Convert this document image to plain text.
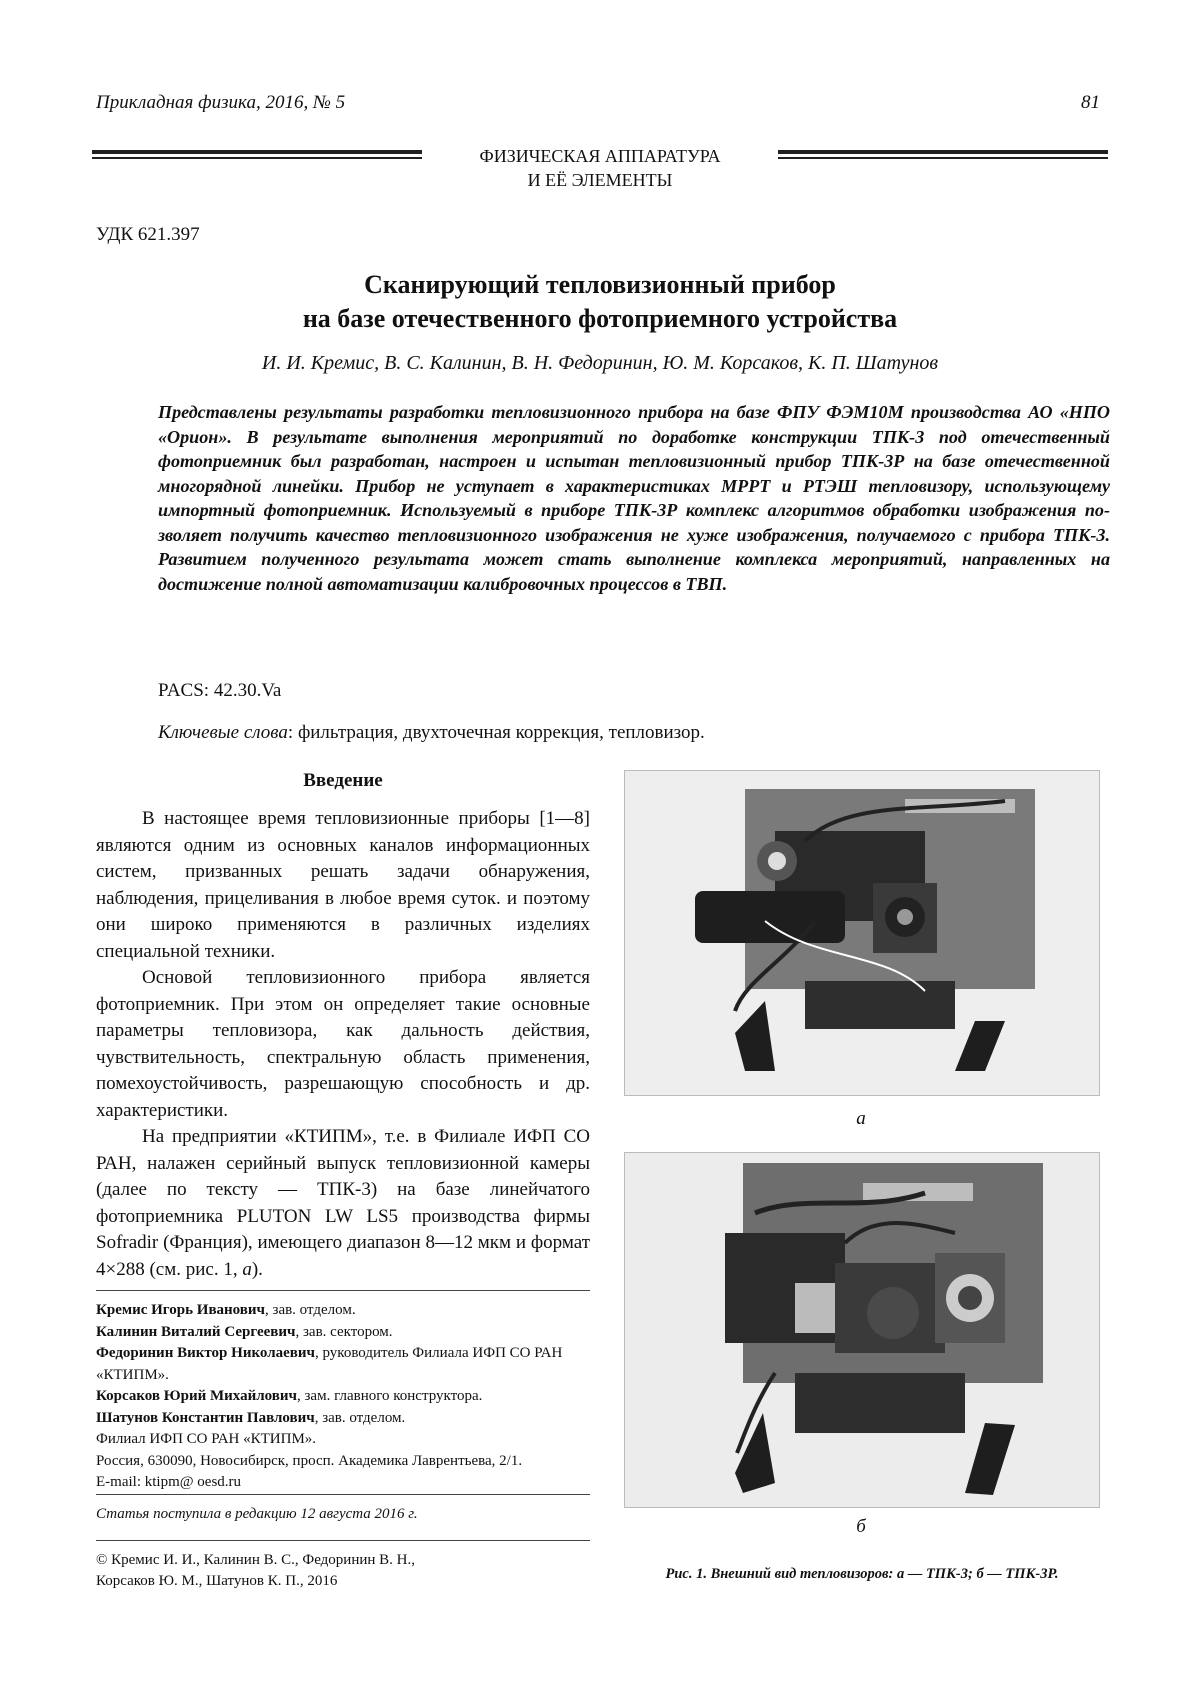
Прикладная физика, 2016, № 5	81
ФИЗИЧЕСКАЯ АППАРАТУРА
И ЕЁ ЭЛЕМЕНТЫ
УДК 621.397
Сканирующий тепловизионный прибор
на базе отечественного фотоприемного устройства
И. И. Кремис, В. С. Калинин, В. Н. Федоринин, Ю. М. Корсаков, К. П. Шатунов
Представлены результаты разработки тепловизионного прибора на базе ФПУ ФЭМ10М производства АО «НПО «Орион». В результате выполнения мероприятий по доработке конструкции ТПК-3 под отечественный фотоприемник был разработан, настроен и испытан тепловизионный прибор ТПК-3Р на базе отечественной многорядной линейки. Прибор не уступает в характеристиках МРРТ и РТЭШ тепловизору, использующему импортный фотоприемник. Используемый в приборе ТПК-3Р комплекс алгоритмов обработки изображения позволяет получить качество тепловизионного изображения не хуже изображения, получаемого с прибора ТПК-3. Развитием полученного результата может стать выполнение комплекса мероприятий, направленных на достижение полной автоматизации калибровочных процессов в ТВП.
PACS: 42.30.Va
Ключевые слова: фильтрация, двухточечная коррекция, тепловизор.
Введение

В настоящее время тепловизионные приборы [1—8] являются одним из основных каналов информационных систем, призванных решать задачи обнаружения, наблюдения, прицеливания в любое время суток. и поэтому они широко применяются в различных изделиях специальной техники.

Основой тепловизионного прибора является фотоприемник. При этом он определяет такие основные параметры тепловизора, как дальность действия, чувствительность, спектральную область применения, помехоустойчивость, разрешающую способность и др. характеристики.

На предприятии «КТИПМ», т.е. в Филиале ИФП СО РАН, налажен серийный выпуск тепловизионной камеры (далее по тексту — ТПК-3) на базе линейчатого фотоприемника PLUTON LW LS5 производства фирмы Sofradir (Франция), имеющего диапазон 8—12 мкм и формат 4×288 (см. рис. 1, а).

Кремис Игорь Иванович, зав. отделом.
Калинин Виталий Сергеевич, зав. сектором.
Федоринин Виктор Николаевич, руководитель Филиала ИФП СО РАН «КТИПМ».
Корсаков Юрий Михайлович, зам. главного конструктора.
Шатунов Константин Павлович, зав. отделом.
Филиал ИФП СО РАН «КТИПМ».
Россия, 630090, Новосибирск, просп. Академика Лаврентьева, 2/1.
E-mail: ktipm@ oesd.ru
Статья поступила в редакцию 12 августа 2016 г.
© Кремис И. И., Калинин В. С., Федоринин В. Н.,
Корсаков Ю. М., Шатунов К. П., 2016
а
б
Рис. 1. Внешний вид тепловизоров: а — ТПК-3; б — ТПК-3Р.
